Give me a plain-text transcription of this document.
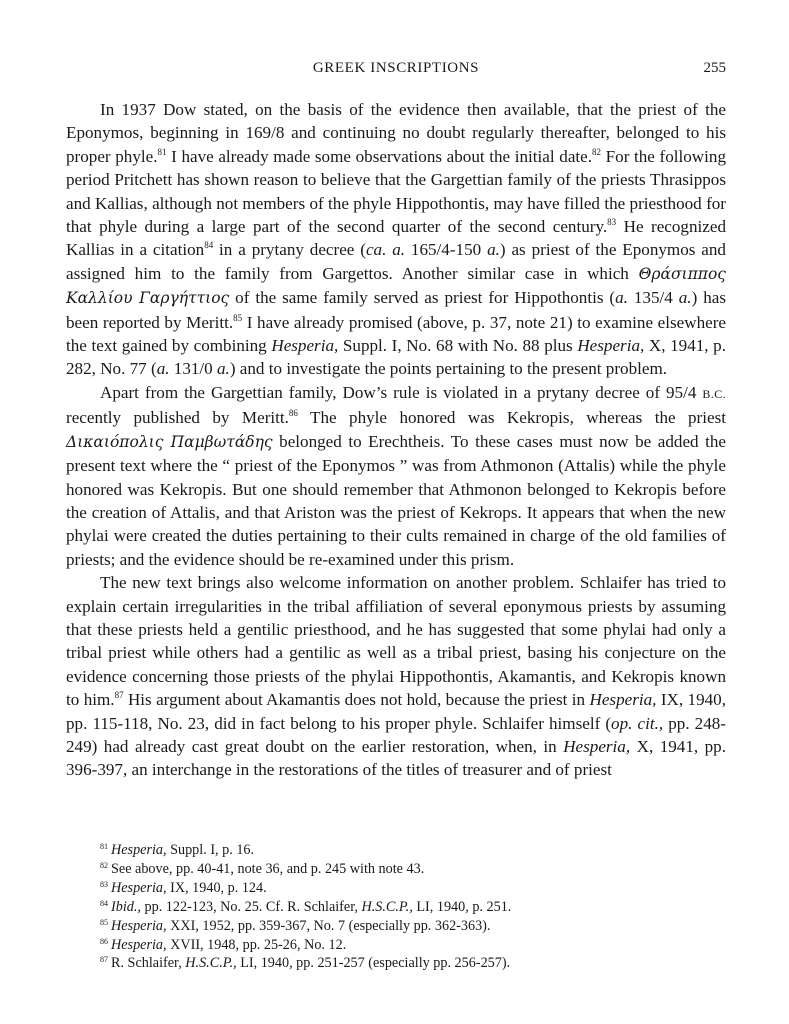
GREEK INSCRIPTIONS	255

In 1937 Dow stated, on the basis of the evidence then available, that the priest of the Eponymos, beginning in 169/8 and continuing no doubt regularly thereafter, belonged to his proper phyle.$^{81}$ I have already made some observations about the initial date.$^{82}$ For the following period Pritchett has shown reason to believe that the Gargettian family of the priests Thrasippos and Kallias, although not members of the phyle Hippothontis, may have filled the priesthood for that phyle during a large part of the second quarter of the second century.$^{83}$ He recognized Kallias in a citation$^{84}$ in a prytany decree (ca. a. 165/4-150 a.) as priest of the Eponymos and assigned him to the family from Gargettos. Another similar case in which Θράσιππος Καλλίου Γαργήττιος of the same family served as priest for Hippothontis (a. 135/4 a.) has been reported by Meritt.$^{85}$ I have already promised (above, p. 37, note 21) to examine elsewhere the text gained by combining Hesperia, Suppl. I, No. 68 with No. 88 plus Hesperia, X, 1941, p. 282, No. 77 (a. 131/0 a.) and to investigate the points pertaining to the present problem.

Apart from the Gargettian family, Dow’s rule is violated in a prytany decree of 95/4 B.C. recently published by Meritt.$^{86}$ The phyle honored was Kekropis, whereas the priest Δικαιόπολις Παμβωτάδης belonged to Erechtheis. To these cases must now be added the present text where the “ priest of the Eponymos ” was from Athmonon (Attalis) while the phyle honored was Kekropis. But one should remember that Athmonon belonged to Kekropis before the creation of Attalis, and that Ariston was the priest of Kekrops. It appears that when the new phylai were created the duties pertaining to their cults remained in charge of the old families of priests; and the evidence should be re-examined under this prism.

The new text brings also welcome information on another problem. Schlaifer has tried to explain certain irregularities in the tribal affiliation of several eponymous priests by assuming that these priests held a gentilic priesthood, and he has suggested that some phylai had only a tribal priest while others had a gentilic as well as a tribal priest, basing his conjecture on the evidence concerning those priests of the phylai Hippothontis, Akamantis, and Kekropis known to him.$^{87}$ His argument about Akamantis does not hold, because the priest in Hesperia, IX, 1940, pp. 115-118, No. 23, did in fact belong to his proper phyle. Schlaifer himself (op. cit., pp. 248-249) had already cast great doubt on the earlier restoration, when, in Hesperia, X, 1941, pp. 396-397, an interchange in the restorations of the titles of treasurer and of priest

$^{81}$ Hesperia, Suppl. I, p. 16.

$^{82}$ See above, pp. 40-41, note 36, and p. 245 with note 43.

$^{83}$ Hesperia, IX, 1940, p. 124.

$^{84}$ Ibid., pp. 122-123, No. 25. Cf. R. Schlaifer, H.S.C.P., LI, 1940, p. 251.

$^{85}$ Hesperia, XXI, 1952, pp. 359-367, No. 7 (especially pp. 362-363).

$^{86}$ Hesperia, XVII, 1948, pp. 25-26, No. 12.

$^{87}$ R. Schlaifer, H.S.C.P., LI, 1940, pp. 251-257 (especially pp. 256-257).
